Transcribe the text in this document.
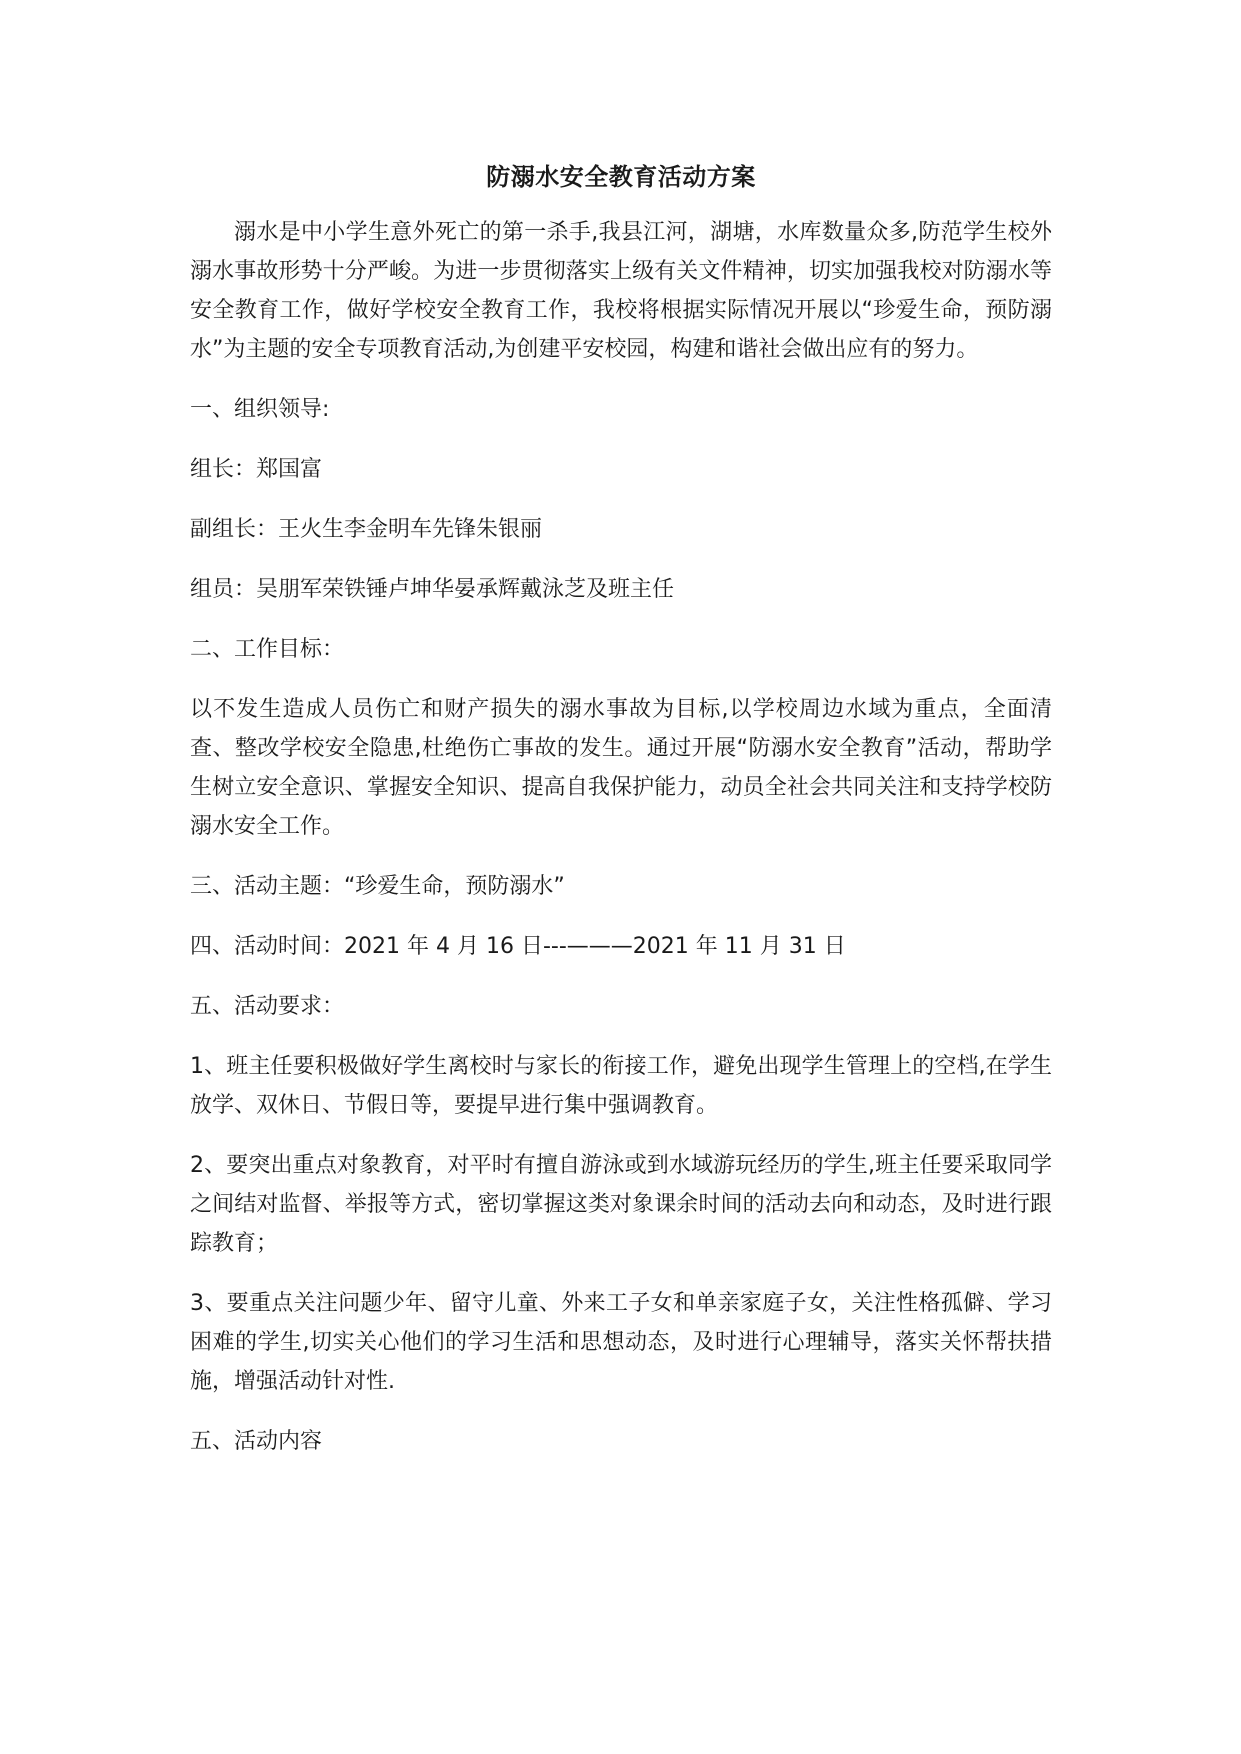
防溺水安全教育活动方案

溺水是中小学生意外死亡的第一杀手,我县江河，湖塘，水库数量众多,防范学生校外溺水事故形势十分严峻。为进一步贯彻落实上级有关文件精神，切实加强我校对防溺水等安全教育工作，做好学校安全教育工作，我校将根据实际情况开展以“珍爱生命，预防溺水”为主题的安全专项教育活动,为创建平安校园，构建和谐社会做出应有的努力。

一、组织领导:

组长：郑国富

副组长：王火生李金明车先锋朱银丽

组员：吴朋军荣铁锤卢坤华晏承辉戴泳芝及班主任

二、工作目标：

以不发生造成人员伤亡和财产损失的溺水事故为目标,以学校周边水域为重点，全面清查、整改学校安全隐患,杜绝伤亡事故的发生。通过开展“防溺水安全教育”活动，帮助学生树立安全意识、掌握安全知识、提高自我保护能力，动员全社会共同关注和支持学校防溺水安全工作。

三、活动主题：“珍爱生命，预防溺水”

四、活动时间：2021 年 4 月 16 日---———2021 年 11 月 31 日

五、活动要求：

1、班主任要积极做好学生离校时与家长的衔接工作，避免出现学生管理上的空档,在学生放学、双休日、节假日等，要提早进行集中强调教育。

2、要突出重点对象教育，对平时有擅自游泳或到水域游玩经历的学生,班主任要采取同学之间结对监督、举报等方式，密切掌握这类对象课余时间的活动去向和动态，及时进行跟踪教育；

3、要重点关注问题少年、留守儿童、外来工子女和单亲家庭子女，关注性格孤僻、学习困难的学生,切实关心他们的学习生活和思想动态，及时进行心理辅导，落实关怀帮扶措施，增强活动针对性.

五、活动内容
